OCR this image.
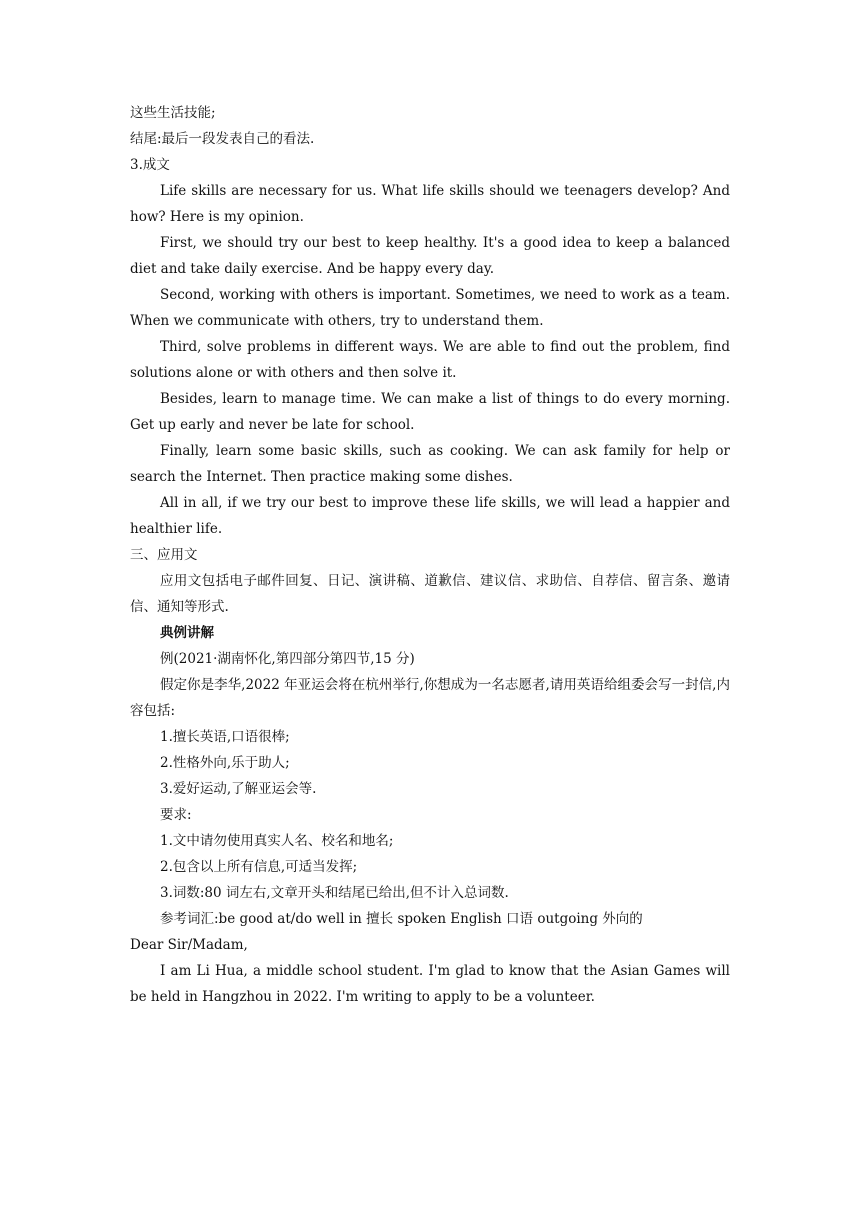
这些生活技能;

结尾:最后一段发表自己的看法.

3.成文

Life skills are necessary for us. What life skills should we teenagers develop? And how? Here is my opinion.

First, we should try our best to keep healthy. It's a good idea to keep a balanced diet and take daily exercise. And be happy every day.

Second, working with others is important. Sometimes, we need to work as a team. When we communicate with others, try to understand them.

Third, solve problems in different ways. We are able to find out the problem, find solutions alone or with others and then solve it.

Besides, learn to manage time. We can make a list of things to do every morning. Get up early and never be late for school.

Finally, learn some basic skills, such as cooking. We can ask family for help or search the Internet. Then practice making some dishes.

All in all, if we try our best to improve these life skills, we will lead a happier and healthier life.

三、应用文

应用文包括电子邮件回复、日记、演讲稿、道歉信、建议信、求助信、自荐信、留言条、邀请信、通知等形式.

典例讲解

例(2021·湖南怀化,第四部分第四节,15 分)

假定你是李华,2022 年亚运会将在杭州举行,你想成为一名志愿者,请用英语给组委会写一封信,内容包括:

1.擅长英语,口语很棒;

2.性格外向,乐于助人;

3.爱好运动,了解亚运会等.

要求:

1.文中请勿使用真实人名、校名和地名;

2.包含以上所有信息,可适当发挥;

3.词数:80 词左右,文章开头和结尾已给出,但不计入总词数.

参考词汇:be good at/do well in 擅长 spoken English 口语 outgoing 外向的

Dear Sir/Madam,

I am Li Hua, a middle school student. I'm glad to know that the Asian Games will be held in Hangzhou in 2022. I'm writing to apply to be a volunteer.
